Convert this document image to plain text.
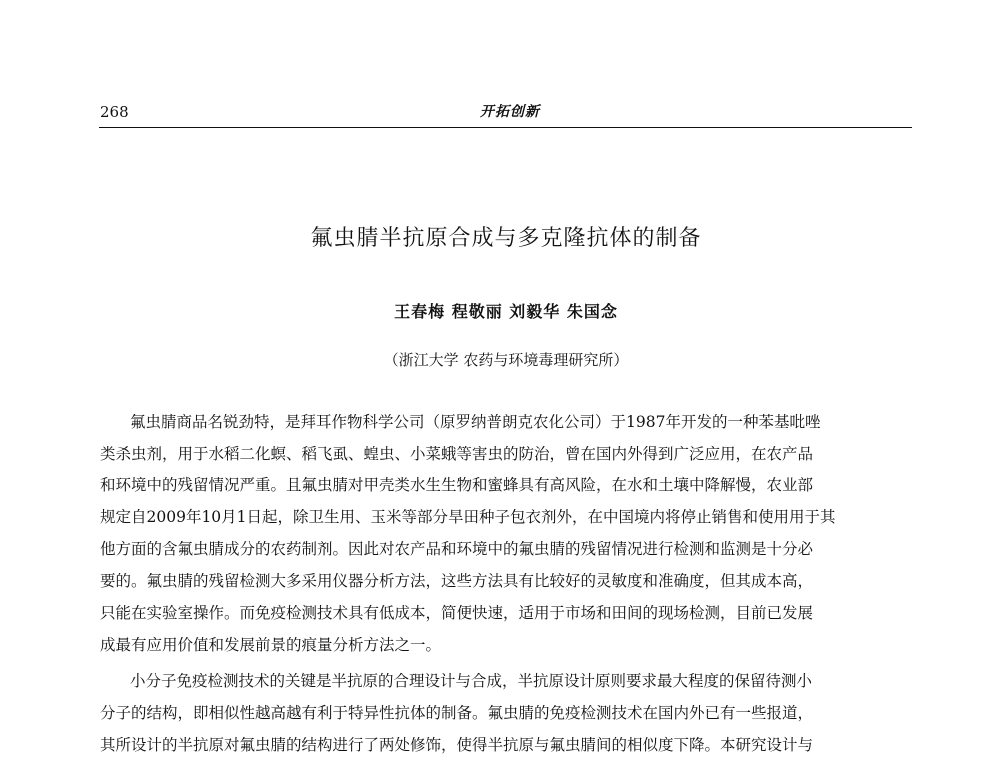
268	开拓创新
氟虫腈半抗原合成与多克隆抗体的制备
王春梅 程敬丽 刘毅华 朱国念
（浙江大学 农药与环境毒理研究所）
氟虫腈商品名锐劲特，是拜耳作物科学公司（原罗纳普朗克农化公司）于1987年开发的一种苯基吡唑
类杀虫剂，用于水稻二化螟、稻飞虱、蝗虫、小菜蛾等害虫的防治，曾在国内外得到广泛应用，在农产品
和环境中的残留情况严重。且氟虫腈对甲壳类水生生物和蜜蜂具有高风险，在水和土壤中降解慢，农业部
规定自2009年10月1日起，除卫生用、玉米等部分旱田种子包衣剂外，在中国境内将停止销售和使用用于其
他方面的含氟虫腈成分的农药制剂。因此对农产品和环境中的氟虫腈的残留情况进行检测和监测是十分必
要的。氟虫腈的残留检测大多采用仪器分析方法，这些方法具有比较好的灵敏度和准确度，但其成本高，
只能在实验室操作。而免疫检测技术具有低成本，简便快速，适用于市场和田间的现场检测，目前已发展
成最有应用价值和发展前景的痕量分析方法之一。
小分子免疫检测技术的关键是半抗原的合理设计与合成，半抗原设计原则要求最大程度的保留待测小
分子的结构，即相似性越高越有利于特异性抗体的制备。氟虫腈的免疫检测技术在国内外已有一些报道，
其所设计的半抗原对氟虫腈的结构进行了两处修饰，使得半抗原与氟虫腈间的相似度下降。本研究设计与
